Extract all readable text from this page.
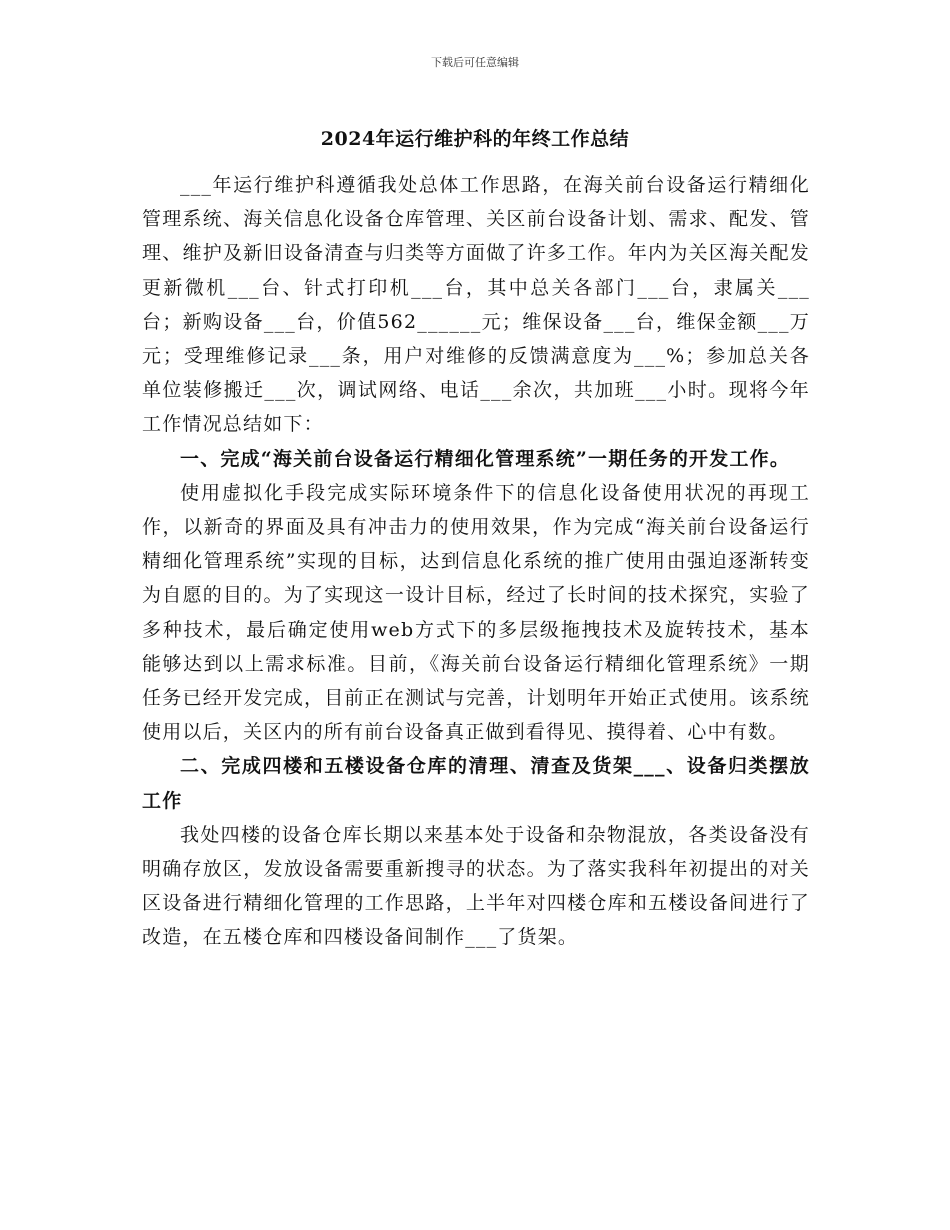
下载后可任意编辑
2024年运行维护科的年终工作总结

___年运行维护科遵循我处总体工作思路，在海关前台设备运行精细化管理系统、海关信息化设备仓库管理、关区前台设备计划、需求、配发、管理、维护及新旧设备清查与归类等方面做了许多工作。年内为关区海关配发更新微机___台、针式打印机___台，其中总关各部门___台，隶属关___台；新购设备___台，价值562______元；维保设备___台，维保金额___万元；受理维修记录___条，用户对维修的反馈满意度为___%；参加总关各单位装修搬迁___次，调试网络、电话___余次，共加班___小时。现将今年工作情况总结如下：

一、完成“海关前台设备运行精细化管理系统”一期任务的开发工作。

使用虚拟化手段完成实际环境条件下的信息化设备使用状况的再现工作，以新奇的界面及具有冲击力的使用效果，作为完成“海关前台设备运行精细化管理系统”实现的目标，达到信息化系统的推广使用由强迫逐渐转变为自愿的目的。为了实现这一设计目标，经过了长时间的技术探究，实验了多种技术，最后确定使用web方式下的多层级拖拽技术及旋转技术，基本能够达到以上需求标准。目前，《海关前台设备运行精细化管理系统》一期任务已经开发完成，目前正在测试与完善，计划明年开始正式使用。该系统使用以后，关区内的所有前台设备真正做到看得见、摸得着、心中有数。

二、完成四楼和五楼设备仓库的清理、清查及货架___、设备归类摆放工作

我处四楼的设备仓库长期以来基本处于设备和杂物混放，各类设备没有明确存放区，发放设备需要重新搜寻的状态。为了落实我科年初提出的对关区设备进行精细化管理的工作思路，上半年对四楼仓库和五楼设备间进行了改造，在五楼仓库和四楼设备间制作___了货架。
